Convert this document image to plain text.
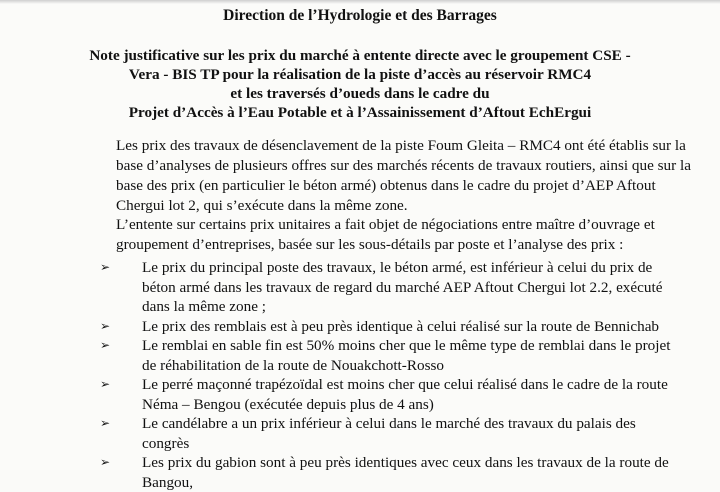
Direction de l’Hydrologie et des Barrages
Note justificative sur les prix du marché à entente directe avec le groupement CSE -
Vera - BIS TP pour la réalisation de la piste d’accès au réservoir RMC4
et les traversés d’oueds dans le cadre du
Projet d’Accès à l’Eau Potable et à l’Assainissement d’Aftout EchErgui
Les prix des travaux de désenclavement de la piste Foum Gleita – RMC4 ont été établis sur la
base d’analyses de plusieurs offres sur des marchés récents de travaux routiers, ainsi que sur la
base des prix (en particulier le béton armé) obtenus dans le cadre du projet d’AEP Aftout
Chergui lot 2, qui s’exécute dans la même zone.
L’entente sur certains prix unitaires a fait objet de négociations entre maître d’ouvrage et
groupement d’entreprises, basée sur les sous-détails par poste et l’analyse des prix :
➢ Le prix du principal poste des travaux, le béton armé, est inférieur à celui du prix de
béton armé dans les travaux de regard du marché AEP Aftout Chergui lot 2.2, exécuté
dans la même zone ;
➢ Le prix des remblais est à peu près identique à celui réalisé sur la route de Bennichab
➢ Le remblai en sable fin est 50% moins cher que le même type de remblai dans le projet
de réhabilitation de la route de Nouakchott-Rosso
➢ Le perré maçonné trapézoïdal est moins cher que celui réalisé dans le cadre de la route
Néma – Bengou (exécutée depuis plus de 4 ans)
➢ Le candélabre a un prix inférieur à celui dans le marché des travaux du palais des
congrès
➢ Les prix du gabion sont à peu près identiques avec ceux dans les travaux de la route de
Bangou,
